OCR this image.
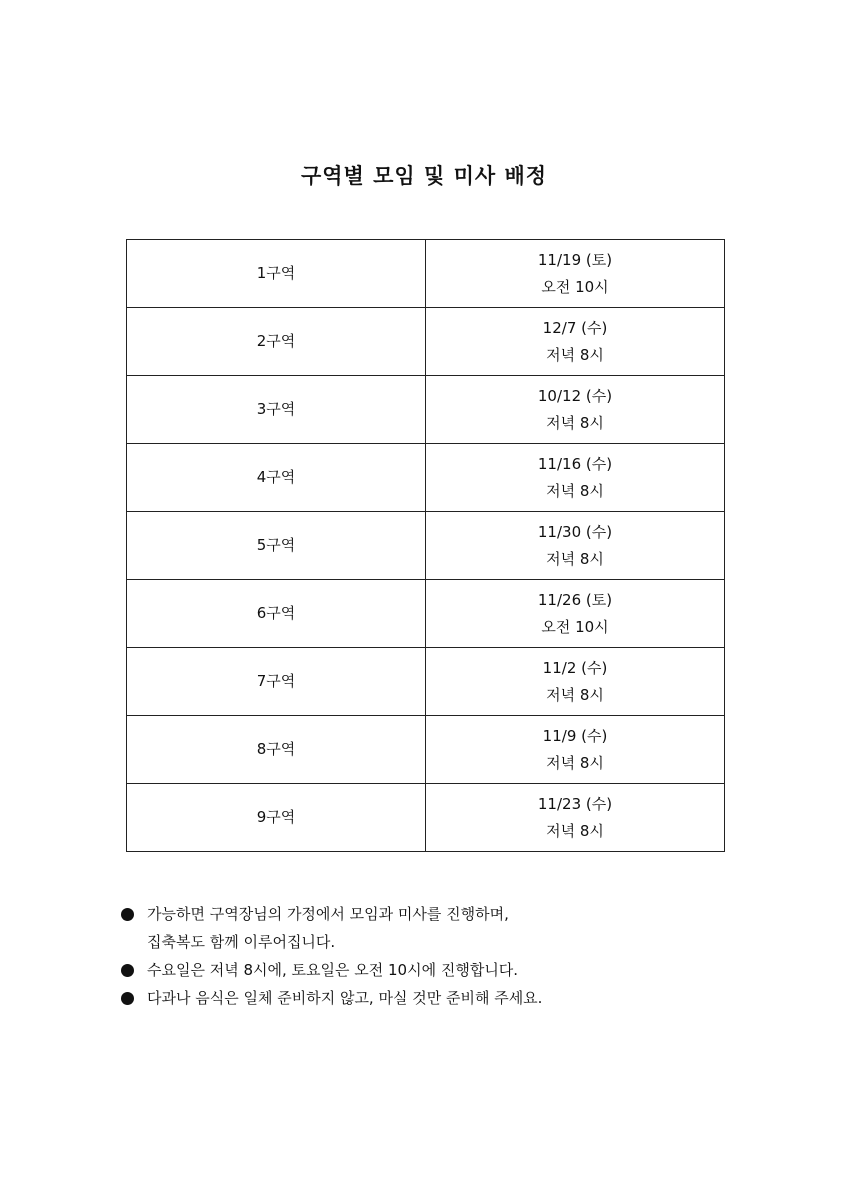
구역별 모임 및 미사 배정
1구역	11/19 (토)
오전 10시

2구역	12/7 (수)
저녁 8시

3구역	10/12 (수)
저녁 8시

4구역	11/16 (수)
저녁 8시

5구역	11/30 (수)
저녁 8시

6구역	11/26 (토)
오전 10시

7구역	11/2 (수)
저녁 8시

8구역	11/9 (수)
저녁 8시

9구역	11/23 (수)
저녁 8시
가능하면 구역장님의 가정에서 모임과 미사를 진행하며,
집축복도 함께 이루어집니다.
수요일은 저녁 8시에, 토요일은 오전 10시에 진행합니다.
다과나 음식은 일체 준비하지 않고, 마실 것만 준비해 주세요.
